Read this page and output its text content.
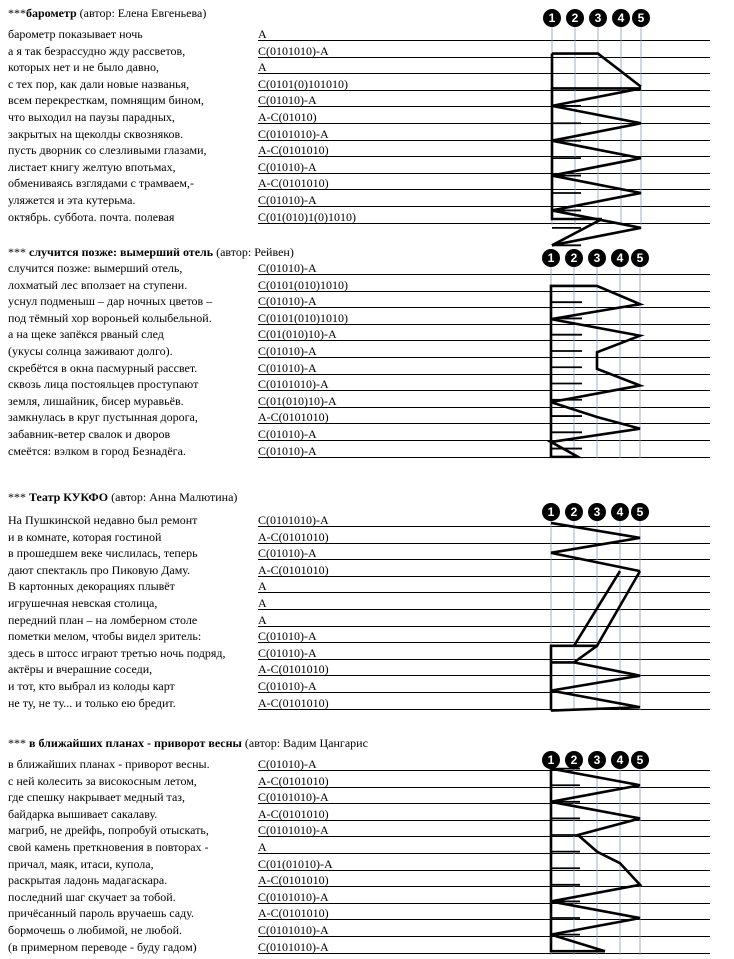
***барометр (автор: Елена Евгеньева)
барометр показывает ночь	А
а я так безрассудно жду рассветов,	С(0101010)-А
которых нет и не было давно,	А
с тех пор, как дали новые названья,	С(0101(0)101010)
всем перекресткам, помнящим бином,	С(01010)-А
что выходил на паузы парадных,	А-С(01010)
закрытых на щеколды сквозняков.	С(0101010)-А
пусть дворник со слезливыми глазами,	А-С(0101010)
листает книгу желтую впотьмах,	С(01010)-А
обмениваясь взглядами с трамваем,-	А-С(0101010)
уляжется и эта кутерьма.	С(01010)-А
октябрь. суббота. почта. полевая	С(01(010)1(0)1010)
*** случится позже: вымерший отель (автор: Рейвен)
случится позже: вымерший отель,	С(01010)-А
лохматый лес вползает на ступени.	С(0101(010)1010)
уснул подменыш – дар ночных цветов –	С(01010)-А
под тёмный хор вороньей колыбельной.	С(0101(010)1010)
а на щеке запёкся рваный след	С(01(010)10)-А
(укусы солнца заживают долго).	С(01010)-А
скребётся в окна пасмурный рассвет.	С(01010)-А
сквозь лица постояльцев проступают	С(0101010)-А
земля, лишайник, бисер муравьёв.	С(01(010)10)-А
замкнулась в круг пустынная дорога,	А-С(0101010)
забавник-ветер свалок и дворов	С(01010)-А
смеётся: вэлком в город Безнадёга.	С(01010)-А
*** Театр КУКФО (автор: Анна Малютина)
На Пушкинской недавно был ремонт	С(0101010)-А
и в комнате, которая гостиной	А-С(0101010)
в прошедшем веке числилась, теперь	С(01010)-А
дают спектакль про Пиковую Даму.	А-С(0101010)
В картонных декорациях плывёт	А
игрушечная невская столица,	А
передний план – на ломберном столе	А
пометки мелом, чтобы видел зритель:	С(01010)-А
здесь в штосс играют третью ночь подряд,	С(01010)-А
актёры и вчерашние соседи,	А-С(0101010)
и тот, кто выбрал из колоды карт	С(01010)-А
не ту, не ту... и только ею бредит.	А-С(0101010)
*** в ближайших планах - приворот весны (автор: Вадим Цангарис
в ближайших планах - приворот весны.	С(01010)-А
с ней колесить за високосным летом,	А-С(0101010)
где спешку накрывает медный таз,	С(0101010)-А
байдарка вышивает сакалаву.	А-С(0101010)
магриб, не дрейфь, попробуй отыскать,	С(0101010)-А
свой камень преткновения в повторах -	А
причал, маяк, итаси, купола,	С(01(01010)-А
раскрытая ладонь мадагаскара.	А-С(0101010)
последний шаг скучает за тобой.	С(0101010)-А
причёсанный пароль вручаешь саду.	А-С(0101010)
бормочешь о любимой, не любой.	С(0101010)-А
(в примерном переводе - буду гадом)	С(0101010)-А
1 2 3 4 5
1 2 3 4 5
1 2 3 4 5
1 2 3 4 5
